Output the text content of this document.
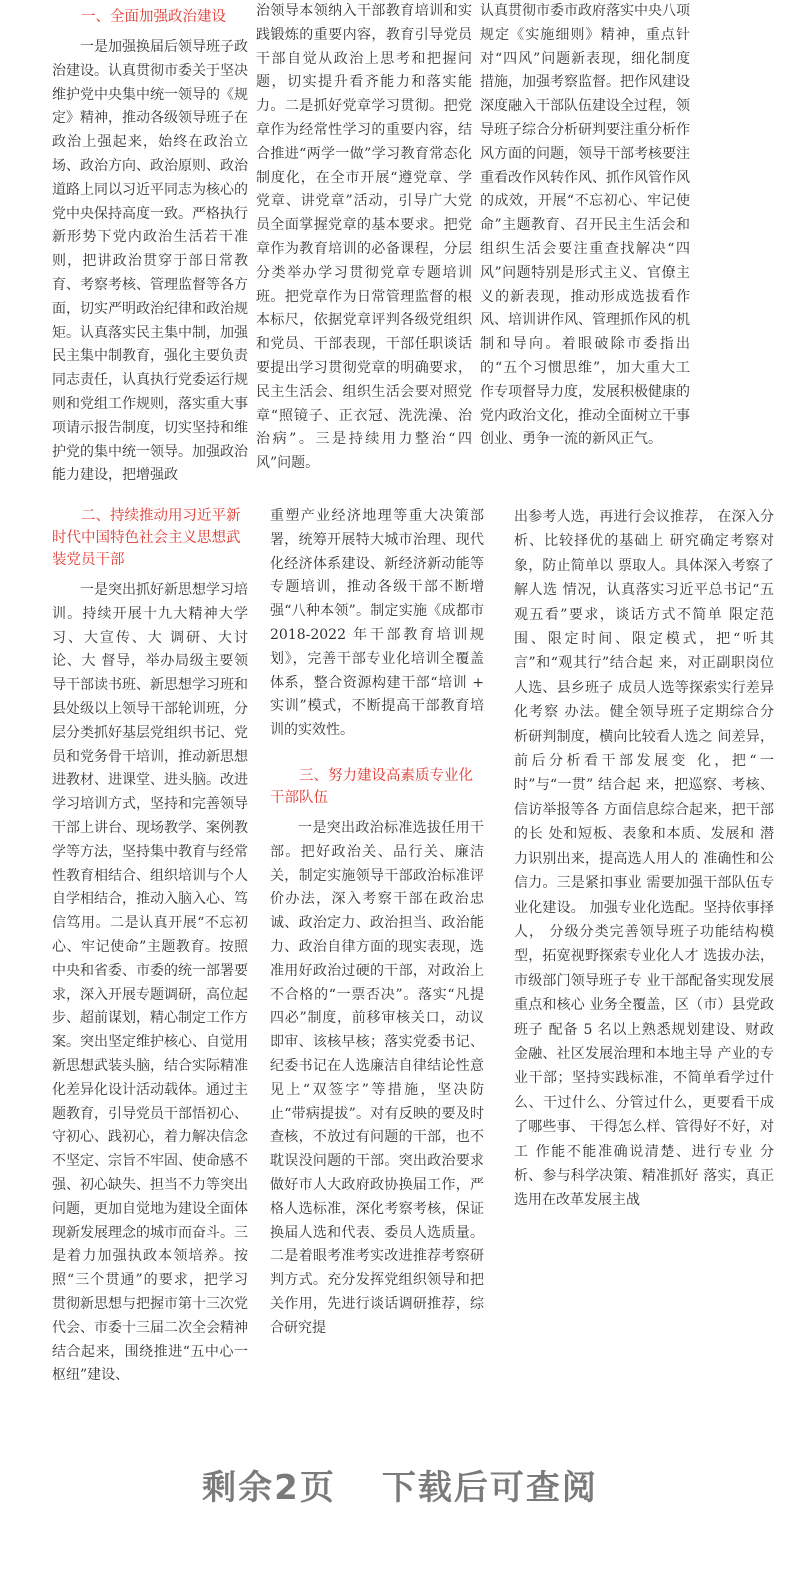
一、全面加强政治建设

一是加强换届后领导班子政治建设。认真贯彻市委关于坚决维护党中央集中统一领导的《规定》精神，推动各级领导班子在政治上强起来，始终在政治立场、政治方向、政治原则、政治道路上同以习近平同志为核心的党中央保持高度一致。严格执行新形势下党内政治生活若干准则，把讲政治贯穿于部日常教育、考察考核、管理监督等各方面，切实严明政治纪律和政治规矩。认真落实民主集中制，加强民主集中制教育，强化主要负责同志责任，认真执行党委运行规则和党组工作规则，落实重大事项请示报告制度，切实坚持和维护党的集中统一领导。加强政治能力建设，把增强政

治领导本领纳入干部教育培训和实践锻炼的重要内容，教育引导党员干部自觉从政治上思考和把握问题，切实提升看齐能力和落实能力。二是抓好党章学习贯彻。把党章作为经常性学习的重要内容，结合推进“两学一做”学习教育常态化制度化，在全市开展“遵党章、学党章、讲党章”活动，引导广大党员全面掌握党章的基本要求。把党章作为教育培训的必备课程，分层分类举办学习贯彻党章专题培训班。把党章作为日常管理监督的根本标尺，依据党章评判各级党组织和党员、干部表现，干部任职谈话要提出学习贯彻党章的明确要求，民主生活会、组织生活会要对照党章“照镜子、正衣冠、洗洗澡、治治病”。三是持续用力整治“四风”问题。

认真贯彻市委市政府落实中央八项规定《实施细则》精神，重点针对“四风”问题新表现，细化制度措施，加强考察监督。把作风建设深度融入干部队伍建设全过程，领导班子综合分析研判要注重分析作风方面的问题，领导干部考核要注重看改作风转作风、抓作风管作风的成效，开展“不忘初心、牢记使命”主题教育、召开民主生活会和组织生活会要注重查找解决“四风”问题特别是形式主义、官僚主义的新表现，推动形成选拔看作风、培训讲作风、管理抓作风的机制和导向。着眼破除市委指出的“五个习惯思维”，加大重大工作专项督导力度，发展积极健康的党内政治文化，推动全面树立干事创业、勇争一流的新风正气。

二、持续推动用习近平新时代中国特色社会主义思想武装党员干部

一是突出抓好新思想学习培训。持续开展十九大精神大学习、大宣传、大 调研、大讨 论、大 督导，举办局级主要领导干部读书班、新思想学习班和县处级以上领导干部轮训班，分层分类抓好基层党组织书记、党员和党务骨干培训，推动新思想进教材、进课堂、进头脑。改进学习培训方式，坚持和完善领导干部上讲台、现场教学、案例教学等方法，坚持集中教育与经常性教育相结合、组织培训与个人自学相结合，推动入脑入心、笃信笃用。二是认真开展“不忘初心、牢记使命”主题教育。按照中央和省委、市委的统一部署要求，深入开展专题调研，高位起步、超前谋划，精心制定工作方案。突出坚定维护核心、自觉用新思想武装头脑，结合实际精准化差异化设计活动载体。通过主题教育，引导党员干部悟初心、守初心、践初心，着力解决信念不坚定、宗旨不牢固、使命感不强、初心缺失、担当不力等突出问题，更加自觉地为建设全面体现新发展理念的城市而奋斗。三是着力加强执政本领培养。按照“三个贯通”的要求，把学习贯彻新思想与把握市第十三次党代会、市委十三届二次全会精神结合起来，围绕推进“五中心一枢纽”建设、

重塑产业经济地理等重大决策部署，统筹开展特大城市治理、现代化经济体系建设、新经济新动能等专题培训，推动各级干部不断增强“八种本领”。制定实施《成都市 2018-2022 年干部教育培训规划》，完善干部专业化培训全覆盖体系，整合资源构建干部“培训 + 实训”模式，不断提高干部教育培训的实效性。

三、努力建设高素质专业化干部队伍

一是突出政治标准选拔任用干部。把好政治关、品行关、廉洁关，制定实施领导干部政治标准评价办法，深入考察干部在政治忠诚、政治定力、政治担当、政治能力、政治自律方面的现实表现，选准用好政治过硬的干部，对政治上不合格的“一票否决”。落实“凡提四必”制度，前移审核关口，动议即审、该核早核；落实党委书记、纪委书记在人选廉洁自律结论性意见上“双签字”等措施，坚决防止“带病提拔”。对有反映的要及时查核，不放过有问题的干部，也不耽误没问题的干部。突出政治要求做好市人大政府政协换届工作，严格人选标准，深化考察考核，保证换届人选和代表、委员人选质量。二是着眼考准考实改进推荐考察研判方式。充分发挥党组织领导和把关作用，先进行谈话调研推荐，综合研究提

出参考人选，再进行会议推荐， 在深入分析、比较择优的基础上 研究确定考察对象，防止简单以 票取人。具体深入考察了解人选 情况，认真落实习近平总书记“五 观五看”要求，谈话方式不简单 限定范围、限定时间、限定模式，把“听其言”和“观其行”结合起 来，对正副职岗位人选、县乡班子 成员人选等探索实行差异化考察 办法。健全领导班子定期综合分 析研判制度，横向比较看人选之 间差异，前后分析看干部发展变 化，把“一时”与“一贯” 结合起 来，把巡察、考核、信访举报等各 方面信息综合起来，把干部的长 处和短板、表象和本质、发展和 潜力识别出来，提高选人用人的 准确性和公信力。三是紧扣事业 需要加强干部队伍专业化建设。 加强专业化选配。坚持依事择人， 分级分类完善领导班子功能结构模型，拓宽视野探索专业化人才 选拔办法，市级部门领导班子专 业干部配备实现发展重点和核心 业务全覆盖，区（市）县党政班子 配备 5 名以上熟悉规划建设、财政 金融、社区发展治理和本地主导 产业的专业干部；坚持实践标准，不简单看学过什么、干过什么、分管过什么，更要看干成了哪些事、 干得怎么样、管得好不好，对工 作能不能准确说清楚、进行专业 分析、参与科学决策、精准抓好 落实，真正选用在改革发展主战

剩余2页 下载后可查阅
